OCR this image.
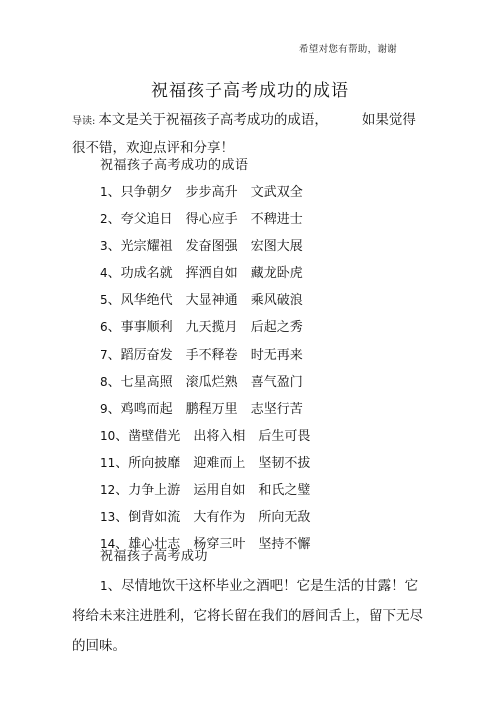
希望对您有帮助，谢谢
祝福孩子高考成功的成语
导读: 本文是关于祝福孩子高考成功的成语，	如果觉得很不错，欢迎点评和分享！
祝福孩子高考成功的成语
1、只争朝夕 步步高升 文武双全
2、夸父追日 得心应手 不稗进士
3、光宗耀祖 发奋图强 宏图大展
4、功成名就 挥洒自如 藏龙卧虎
5、风华绝代 大显神通 乘风破浪
6、事事顺利 九天揽月 后起之秀
7、蹈厉奋发 手不释卷 时无再来
8、七星高照 滚瓜烂熟 喜气盈门
9、鸡鸣而起 鹏程万里 志坚行苦
10、凿壁借光 出将入相 后生可畏
11、所向披靡 迎难而上 坚韧不拔
12、力争上游 运用自如 和氏之璧
13、倒背如流 大有作为 所向无敌
14、雄心壮志 杨穿三叶 坚持不懈
祝福孩子高考成功
1、尽情地饮干这杯毕业之酒吧！它是生活的甘露！它将给未来注进胜利，它将长留在我们的唇间舌上，留下无尽的回味。
